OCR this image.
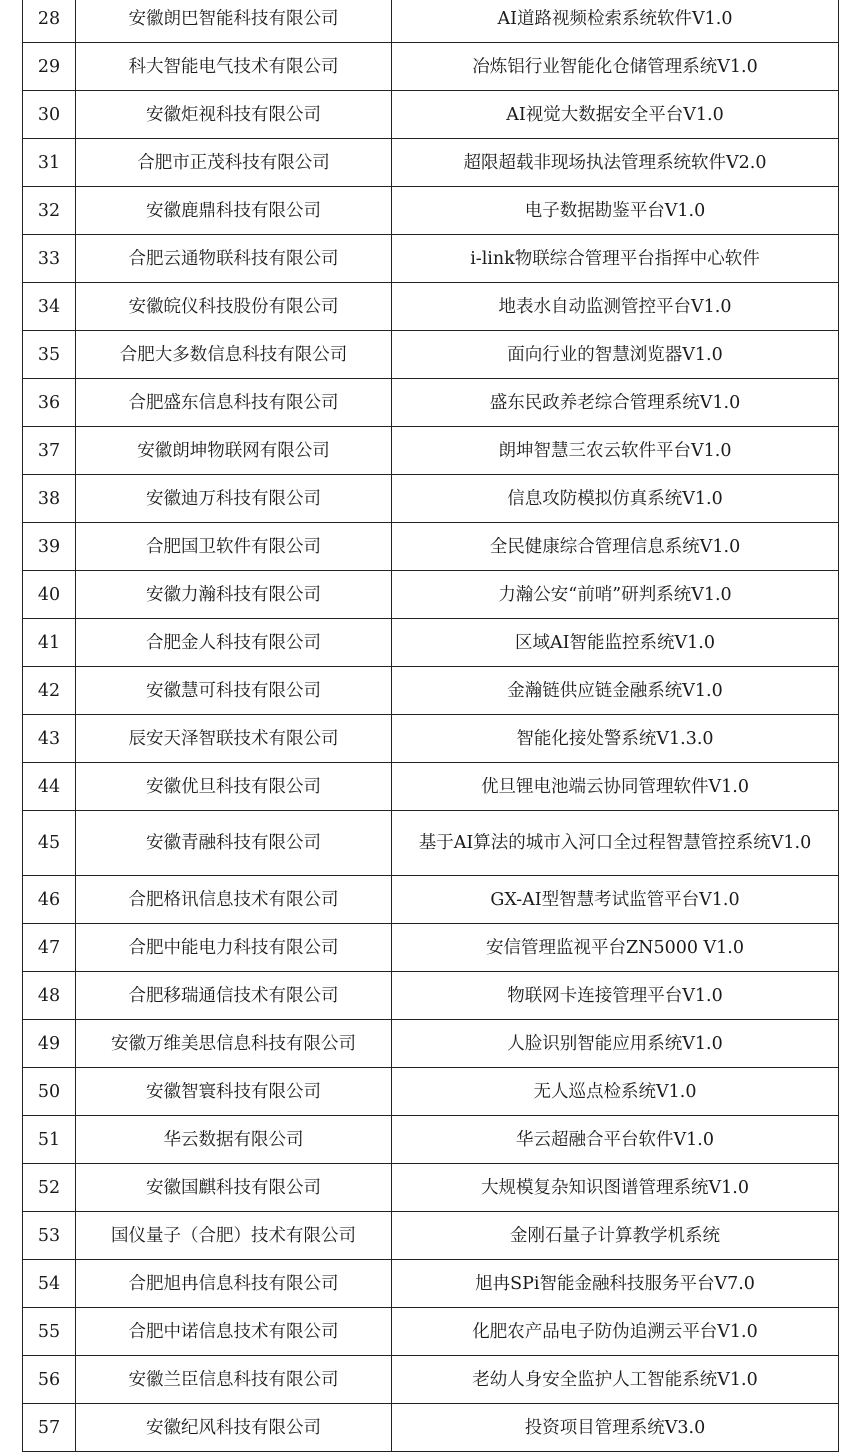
28	安徽朗巴智能科技有限公司	AI道路视频检索系统软件V1.0
29	科大智能电气技术有限公司	冶炼铝行业智能化仓储管理系统V1.0
30	安徽炬视科技有限公司	AI视觉大数据安全平台V1.0
31	合肥市正茂科技有限公司	超限超载非现场执法管理系统软件V2.0
32	安徽鹿鼎科技有限公司	电子数据勘鉴平台V1.0
33	合肥云通物联科技有限公司	i-link物联综合管理平台指挥中心软件
34	安徽皖仪科技股份有限公司	地表水自动监测管控平台V1.0
35	合肥大多数信息科技有限公司	面向行业的智慧浏览器V1.0
36	合肥盛东信息科技有限公司	盛东民政养老综合管理系统V1.0
37	安徽朗坤物联网有限公司	朗坤智慧三农云软件平台V1.0
38	安徽迪万科技有限公司	信息攻防模拟仿真系统V1.0
39	合肥国卫软件有限公司	全民健康综合管理信息系统V1.0
40	安徽力瀚科技有限公司	力瀚公安“前哨”研判系统V1.0
41	合肥金人科技有限公司	区域AI智能监控系统V1.0
42	安徽慧可科技有限公司	金瀚链供应链金融系统V1.0
43	辰安天泽智联技术有限公司	智能化接处警系统V1.3.0
44	安徽优旦科技有限公司	优旦锂电池端云协同管理软件V1.0
45	安徽青融科技有限公司	基于AI算法的城市入河口全过程智慧管控系统V1.0
46	合肥格讯信息技术有限公司	GX-AI型智慧考试监管平台V1.0
47	合肥中能电力科技有限公司	安信管理监视平台ZN5000 V1.0
48	合肥移瑞通信技术有限公司	物联网卡连接管理平台V1.0
49	安徽万维美思信息科技有限公司	人脸识别智能应用系统V1.0
50	安徽智寰科技有限公司	无人巡点检系统V1.0
51	华云数据有限公司	华云超融合平台软件V1.0
52	安徽国麒科技有限公司	大规模复杂知识图谱管理系统V1.0
53	国仪量子（合肥）技术有限公司	金刚石量子计算教学机系统
54	合肥旭冉信息科技有限公司	旭冉SPi智能金融科技服务平台V7.0
55	合肥中诺信息技术有限公司	化肥农产品电子防伪追溯云平台V1.0
56	安徽兰臣信息科技有限公司	老幼人身安全监护人工智能系统V1.0
57	安徽纪风科技有限公司	投资项目管理系统V3.0
